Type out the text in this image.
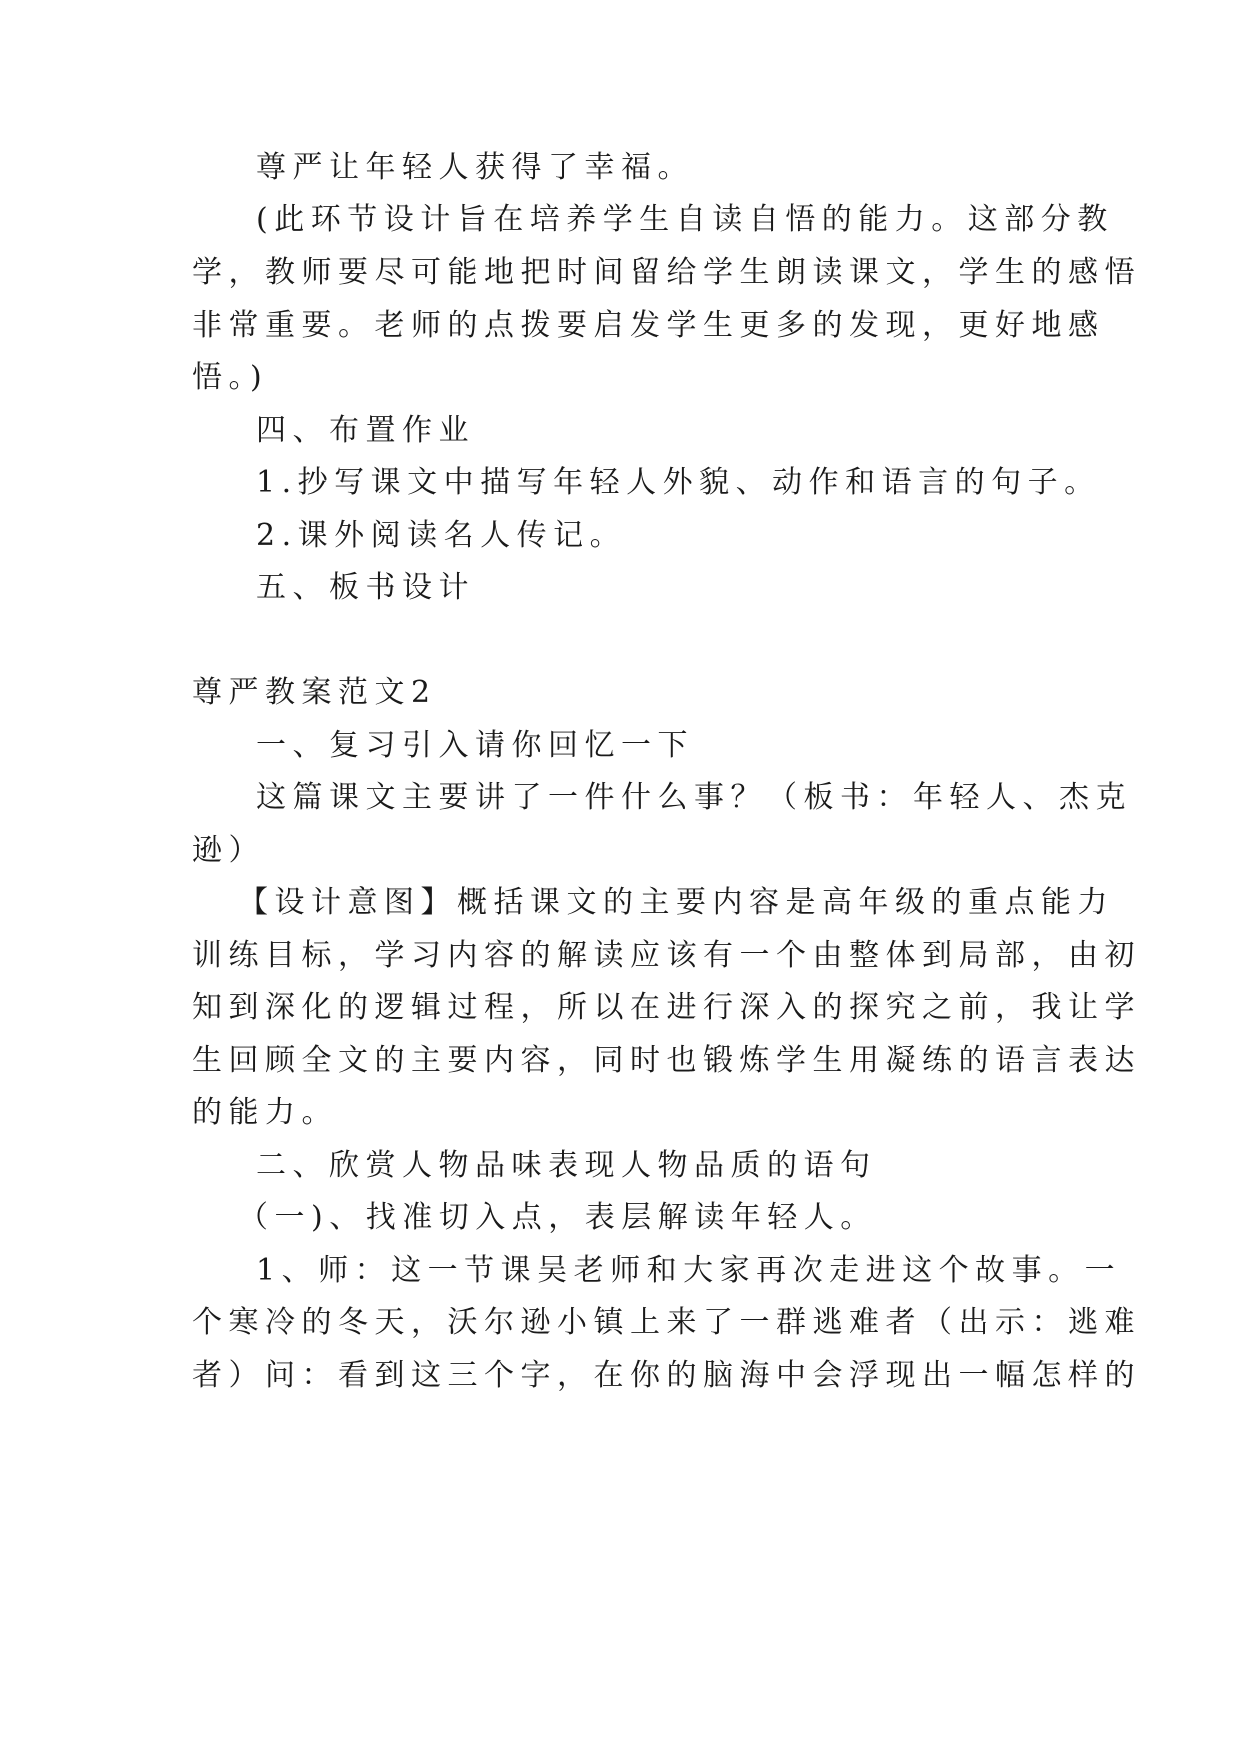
尊严让年轻人获得了幸福。
(此环节设计旨在培养学生自读自悟的能力。这部分教
学，教师要尽可能地把时间留给学生朗读课文，学生的感悟
非常重要。老师的点拨要启发学生更多的发现，更好地感
悟。)
四、布置作业
1.抄写课文中描写年轻人外貌、动作和语言的句子。
2.课外阅读名人传记。
五、板书设计
尊严教案范文2
一、复习引入请你回忆一下
这篇课文主要讲了一件什么事？（板书：年轻人、杰克
逊）
【设计意图】概括课文的主要内容是高年级的重点能力
训练目标，学习内容的解读应该有一个由整体到局部，由初
知到深化的逻辑过程，所以在进行深入的探究之前，我让学
生回顾全文的主要内容，同时也锻炼学生用凝练的语言表达
的能力。
二、欣赏人物品味表现人物品质的语句
（一)、找准切入点，表层解读年轻人。
1、师：这一节课吴老师和大家再次走进这个故事。一
个寒冷的冬天，沃尔逊小镇上来了一群逃难者（出示：逃难
者）问：看到这三个字，在你的脑海中会浮现出一幅怎样的
